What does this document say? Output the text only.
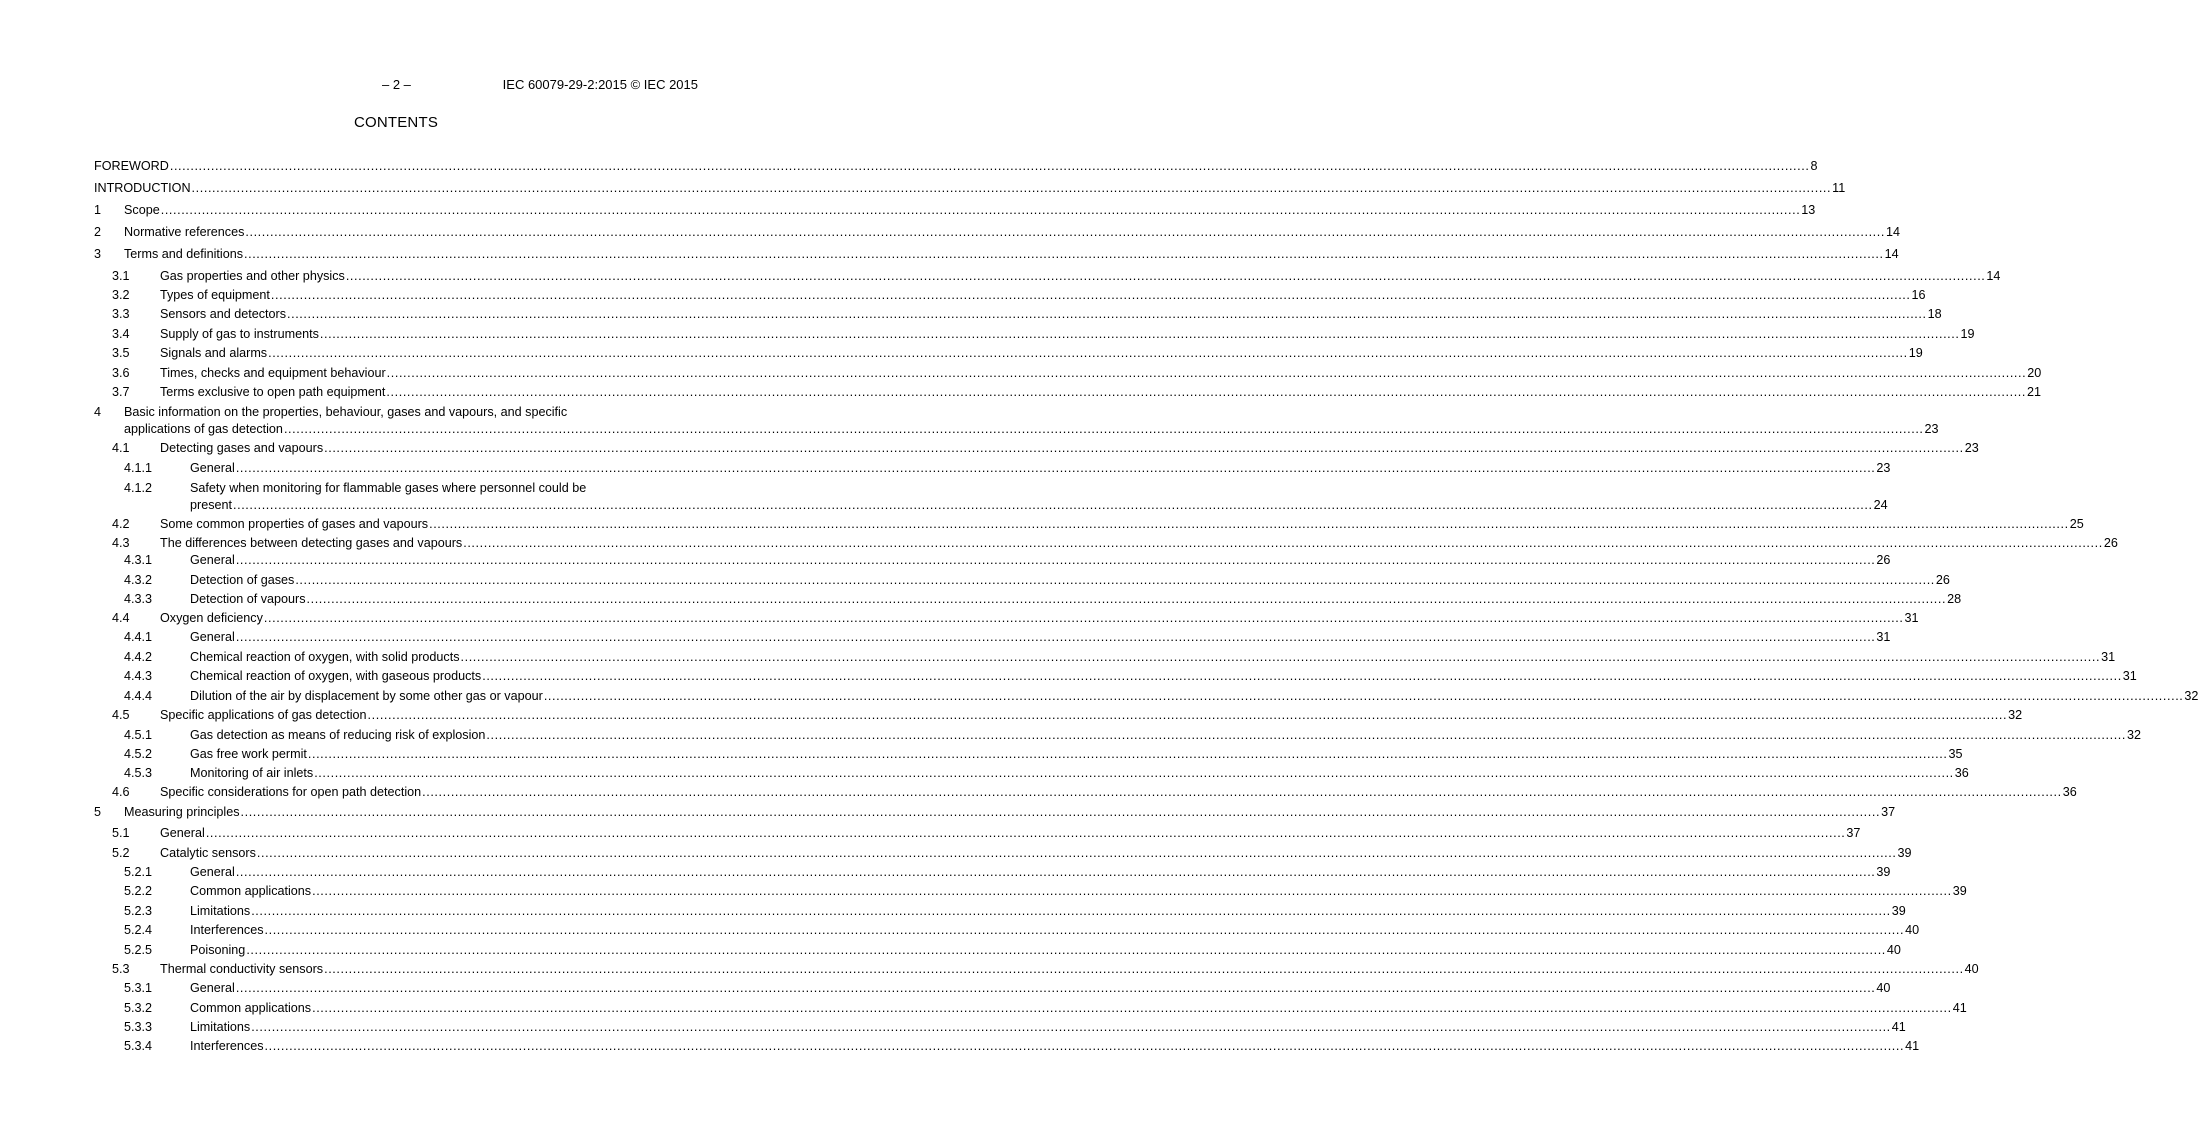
– 2 –	IEC 60079-29-2:2015 © IEC 2015
CONTENTS
FOREWORD ................................................................................................................................................................................................................................................................................................................................................................................................................ 8
INTRODUCTION ................................................................................................................................................................................................................................................................................................................................................................................................................ 11
1 Scope ................................................................................................................................................................................................................................................................................................................................................................................................................ 13
2 Normative references ................................................................................................................................................................................................................................................................................................................................................................................................................ 14
3 Terms and definitions ................................................................................................................................................................................................................................................................................................................................................................................................................ 14
3.1 Gas properties and other physics ................................................................................................................................................................................................................................................................................................................................................................................................................ 14
3.2 Types of equipment ................................................................................................................................................................................................................................................................................................................................................................................................................ 16
3.3 Sensors and detectors ................................................................................................................................................................................................................................................................................................................................................................................................................ 18
3.4 Supply of gas to instruments ................................................................................................................................................................................................................................................................................................................................................................................................................ 19
3.5 Signals and alarms ................................................................................................................................................................................................................................................................................................................................................................................................................ 19
3.6 Times, checks and equipment behaviour ................................................................................................................................................................................................................................................................................................................................................................................................................ 20
3.7 Terms exclusive to open path equipment ................................................................................................................................................................................................................................................................................................................................................................................................................ 21
4 Basic information on the properties, behaviour, gases and vapours, and specific
applications of gas detection ................................................................................................................................................................................................................................................................................................................................................................................................................ 23
4.1 Detecting gases and vapours ................................................................................................................................................................................................................................................................................................................................................................................................................ 23
4.1.1	General ................................................................................................................................................................................................................................................................................................................................................................................................................ 23
4.1.2	Safety when monitoring for flammable gases where personnel could be
present ................................................................................................................................................................................................................................................................................................................................................................................................................ 24
4.2 Some common properties of gases and vapours ................................................................................................................................................................................................................................................................................................................................................................................................................ 25
4.3 The differences between detecting gases and vapours ................................................................................................................................................................................................................................................................................................................................................................................................................ 26
4.3.1	General ................................................................................................................................................................................................................................................................................................................................................................................................................ 26
4.3.2	Detection of gases ................................................................................................................................................................................................................................................................................................................................................................................................................ 26
4.3.3	Detection of vapours ................................................................................................................................................................................................................................................................................................................................................................................................................ 28
4.4 Oxygen deficiency ................................................................................................................................................................................................................................................................................................................................................................................................................ 31
4.4.1	General ................................................................................................................................................................................................................................................................................................................................................................................................................ 31
4.4.2	Chemical reaction of oxygen, with solid products ................................................................................................................................................................................................................................................................................................................................................................................................................ 31
4.4.3	Chemical reaction of oxygen, with gaseous products ................................................................................................................................................................................................................................................................................................................................................................................................................ 31
4.4.4	Dilution of the air by displacement by some other gas or vapour ................................................................................................................................................................................................................................................................................................................................................................................................................ 32
4.5 Specific applications of gas detection ................................................................................................................................................................................................................................................................................................................................................................................................................ 32
4.5.1	Gas detection as means of reducing risk of explosion ................................................................................................................................................................................................................................................................................................................................................................................................................ 32
4.5.2	Gas free work permit ................................................................................................................................................................................................................................................................................................................................................................................................................ 35
4.5.3	Monitoring of air inlets ................................................................................................................................................................................................................................................................................................................................................................................................................ 36
4.6 Specific considerations for open path detection ................................................................................................................................................................................................................................................................................................................................................................................................................ 36
5 Measuring principles ................................................................................................................................................................................................................................................................................................................................................................................................................ 37
5.1 General ................................................................................................................................................................................................................................................................................................................................................................................................................ 37
5.2 Catalytic sensors ................................................................................................................................................................................................................................................................................................................................................................................................................ 39
5.2.1	General ................................................................................................................................................................................................................................................................................................................................................................................................................ 39
5.2.2	Common applications ................................................................................................................................................................................................................................................................................................................................................................................................................ 39
5.2.3	Limitations ................................................................................................................................................................................................................................................................................................................................................................................................................ 39
5.2.4	Interferences ................................................................................................................................................................................................................................................................................................................................................................................................................ 40
5.2.5	Poisoning ................................................................................................................................................................................................................................................................................................................................................................................................................ 40
5.3 Thermal conductivity sensors ................................................................................................................................................................................................................................................................................................................................................................................................................ 40
5.3.1	General ................................................................................................................................................................................................................................................................................................................................................................................................................ 40
5.3.2	Common applications ................................................................................................................................................................................................................................................................................................................................................................................................................ 41
5.3.3	Limitations ................................................................................................................................................................................................................................................................................................................................................................................................................ 41
5.3.4	Interferences ................................................................................................................................................................................................................................................................................................................................................................................................................ 41
